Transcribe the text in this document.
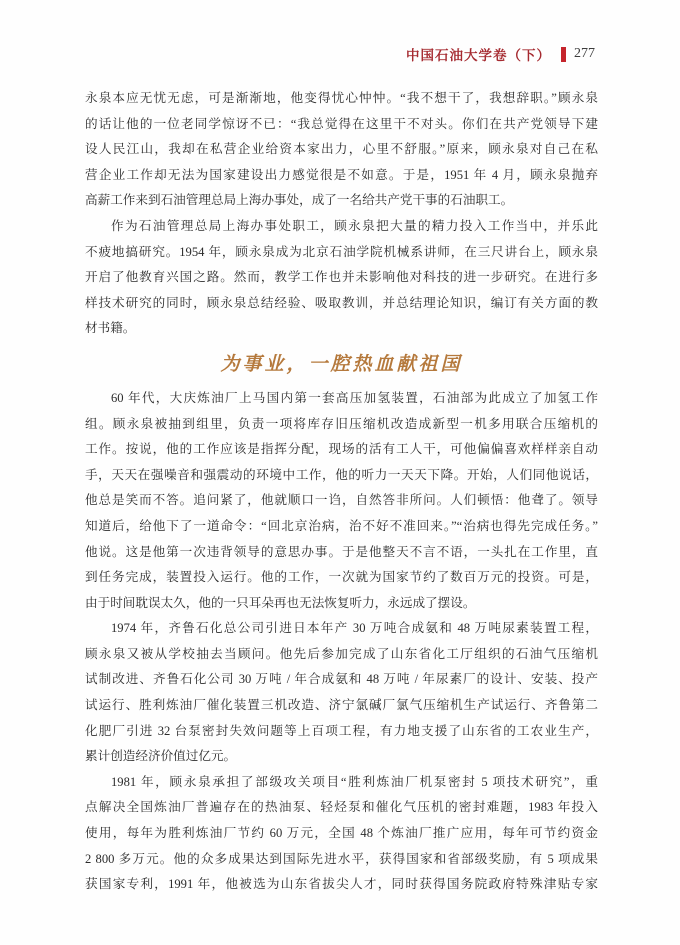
中国石油大学卷（下） 277
永泉本应无忧无虑，可是渐渐地，他变得忧心忡忡。“我不想干了，我想辞职。”顾永泉
的话让他的一位老同学惊讶不已：“我总觉得在这里干不对头。你们在共产党领导下建
设人民江山，我却在私营企业给资本家出力，心里不舒服。”原来，顾永泉对自己在私
营企业工作却无法为国家建设出力感觉很是不如意。于是，1951 年 4 月，顾永泉抛弃
高薪工作来到石油管理总局上海办事处，成了一名给共产党干事的石油职工。
作为石油管理总局上海办事处职工，顾永泉把大量的精力投入工作当中，并乐此
不疲地搞研究。1954 年，顾永泉成为北京石油学院机械系讲师，在三尺讲台上，顾永泉
开启了他教育兴国之路。然而，教学工作也并未影响他对科技的进一步研究。在进行多
样技术研究的同时，顾永泉总结经验、吸取教训，并总结理论知识，编订有关方面的教
材书籍。
为事业，一腔热血献祖国
60 年代，大庆炼油厂上马国内第一套高压加氢装置，石油部为此成立了加氢工作
组。顾永泉被抽到组里，负责一项将库存旧压缩机改造成新型一机多用联合压缩机的
工作。按说，他的工作应该是指挥分配，现场的活有工人干，可他偏偏喜欢样样亲自动
手，天天在强噪音和强震动的环境中工作，他的听力一天天下降。开始，人们同他说话，
他总是笑而不答。追问紧了，他就顺口一诌，自然答非所问。人们顿悟：他聋了。领导
知道后，给他下了一道命令：“回北京治病，治不好不准回来。”“治病也得先完成任务。”
他说。这是他第一次违背领导的意思办事。于是他整天不言不语，一头扎在工作里，直
到任务完成，装置投入运行。他的工作，一次就为国家节约了数百万元的投资。可是，
由于时间耽误太久，他的一只耳朵再也无法恢复听力，永远成了摆设。
1974 年，齐鲁石化总公司引进日本年产 30 万吨合成氨和 48 万吨尿素装置工程，
顾永泉又被从学校抽去当顾问。他先后参加完成了山东省化工厅组织的石油气压缩机
试制改进、齐鲁石化公司 30 万吨 / 年合成氨和 48 万吨 / 年尿素厂的设计、安装、投产
试运行、胜利炼油厂催化装置三机改造、济宁氯碱厂氯气压缩机生产试运行、齐鲁第二
化肥厂引进 32 台泵密封失效问题等上百项工程，有力地支援了山东省的工农业生产，
累计创造经济价值过亿元。
1981 年，顾永泉承担了部级攻关项目“胜利炼油厂机泵密封 5 项技术研究”，重
点解决全国炼油厂普遍存在的热油泵、轻烃泵和催化气压机的密封难题，1983 年投入
使用，每年为胜利炼油厂节约 60 万元，全国 48 个炼油厂推广应用，每年可节约资金
2 800 多万元。他的众多成果达到国际先进水平，获得国家和省部级奖励，有 5 项成果
获国家专利，1991 年，他被选为山东省拔尖人才，同时获得国务院政府特殊津贴专家
